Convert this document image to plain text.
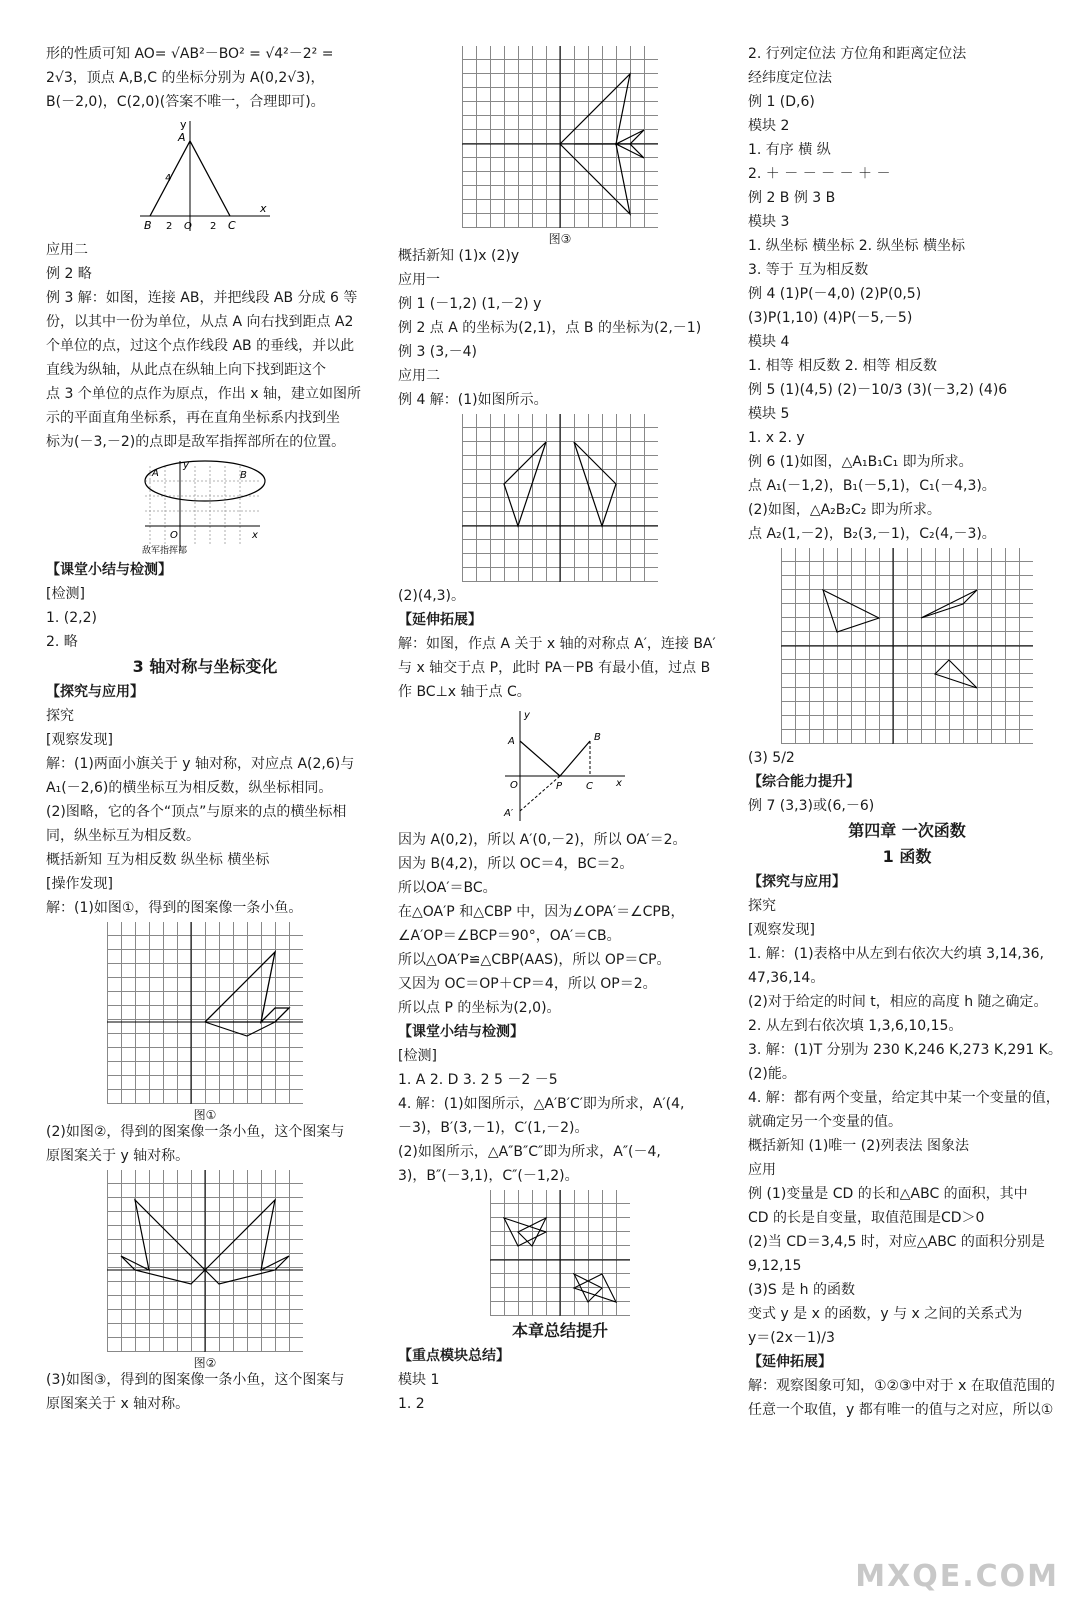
形的性质可知 AO= √AB²－BO² = √4²－2² =
2√3，顶点 A,B,C 的坐标分别为 A(0,2√3)，
B(－2,0)，C(2,0)(答案不唯一，合理即可)。
y
A
4
B 2 O 2 C
x
应用二
例 2 略
例 3 解：如图，连接 AB，并把线段 AB 分成 6 等
份，以其中一份为单位，从点 A 向右找到距点 A2
个单位的点，过这个点作线段 AB 的垂线，并以此
直线为纵轴，从此点在纵轴上向下找到距这个
点 3 个单位的点作为原点，作出 x 轴，建立如图所
示的平面直角坐标系，再在直角坐标系内找到坐
标为(－3,－2)的点即是敌军指挥部所在的位置。
A
y
B
O	x
敌军指挥部
【课堂小结与检测】
[检测]
1. (2,2)
2. 略
3 轴对称与坐标变化
【探究与应用】
探究
[观察发现]
解：(1)两面小旗关于 y 轴对称，对应点 A(2,6)与
A₁(－2,6)的横坐标互为相反数，纵坐标相同。
(2)图略，它的各个“顶点”与原来的点的横坐标相
同，纵坐标互为相反数。
概括新知 互为相反数 纵坐标 横坐标
[操作发现]
解：(1)如图①，得到的图案像一条小鱼。
图①
(2)如图②，得到的图案像一条小鱼，这个图案与
原图案关于 y 轴对称。
图②
(3)如图③，得到的图案像一条小鱼，这个图案与
原图案关于 x 轴对称。
图③
概括新知 (1)x (2)y
应用一
例 1 (－1,2) (1,－2) y
例 2 点 A 的坐标为(2,1)，点 B 的坐标为(2,－1)
例 3 (3,－4)
应用二
例 4 解：(1)如图所示。
(2)(4,3)。
【延伸拓展】
解：如图，作点 A 关于 x 轴的对称点 A′，连接 BA′
与 x 轴交于点 P，此时 PA－PB 有最小值，过点 B
作 BC⊥x 轴于点 C。
y
A	B
O	P C x
A′
因为 A(0,2)，所以 A′(0,－2)，所以 OA′＝2。
因为 B(4,2)，所以 OC＝4，BC＝2。
所以OA′＝BC。
在△OA′P 和△CBP 中，因为∠OPA′＝∠CPB，
∠A′OP＝∠BCP＝90°，OA′＝CB。
所以△OA′P≌△CBP(AAS)，所以 OP＝CP。
又因为 OC＝OP＋CP＝4，所以 OP＝2。
所以点 P 的坐标为(2,0)。
【课堂小结与检测】
[检测]
1. A 2. D 3. 2 5 －2 －5
4. 解：(1)如图所示，△A′B′C′即为所求，A′(4,
－3)，B′(3,－1)，C′(1,－2)。
(2)如图所示，△A″B″C″即为所求，A″(－4,
3)，B″(－3,1)，C″(－1,2)。
本章总结提升
【重点模块总结】
模块 1
1. 2
2. 行列定位法 方位角和距离定位法
经纬度定位法
例 1 (D,6)
模块 2
1. 有序 横 纵
2. ＋ － － － － ＋ －
例 2 B 例 3 B
模块 3
1. 纵坐标 横坐标 2. 纵坐标 横坐标
3. 等于 互为相反数
例 4 (1)P(－4,0) (2)P(0,5)
(3)P(1,10) (4)P(－5,－5)
模块 4
1. 相等 相反数 2. 相等 相反数
例 5 (1)(4,5) (2)－10/3 (3)(－3,2) (4)6
模块 5
1. x 2. y
例 6 (1)如图，△A₁B₁C₁ 即为所求。
点 A₁(－1,2)，B₁(－5,1)，C₁(－4,3)。
(2)如图，△A₂B₂C₂ 即为所求。
点 A₂(1,－2)，B₂(3,－1)，C₂(4,－3)。
(3) 5/2
【综合能力提升】
例 7 (3,3)或(6,－6)
第四章 一次函数
1 函数
【探究与应用】
探究
[观察发现]
1. 解：(1)表格中从左到右依次大约填 3,14,36,
47,36,14。
(2)对于给定的时间 t，相应的高度 h 随之确定。
2. 从左到右依次填 1,3,6,10,15。
3. 解：(1)T 分别为 230 K,246 K,273 K,291 K。
(2)能。
4. 解：都有两个变量，给定其中某一个变量的值，
就确定另一个变量的值。
概括新知 (1)唯一 (2)列表法 图象法
应用
例 (1)变量是 CD 的长和△ABC 的面积，其中
CD 的长是自变量，取值范围是CD＞0
(2)当 CD＝3,4,5 时，对应△ABC 的面积分别是
9,12,15
(3)S 是 h 的函数
变式 y 是 x 的函数，y 与 x 之间的关系式为
y＝(2x－1)/3
【延伸拓展】
解：观察图象可知，①②③中对于 x 在取值范围的
任意一个取值，y 都有唯一的值与之对应，所以①
MXQE.COM
